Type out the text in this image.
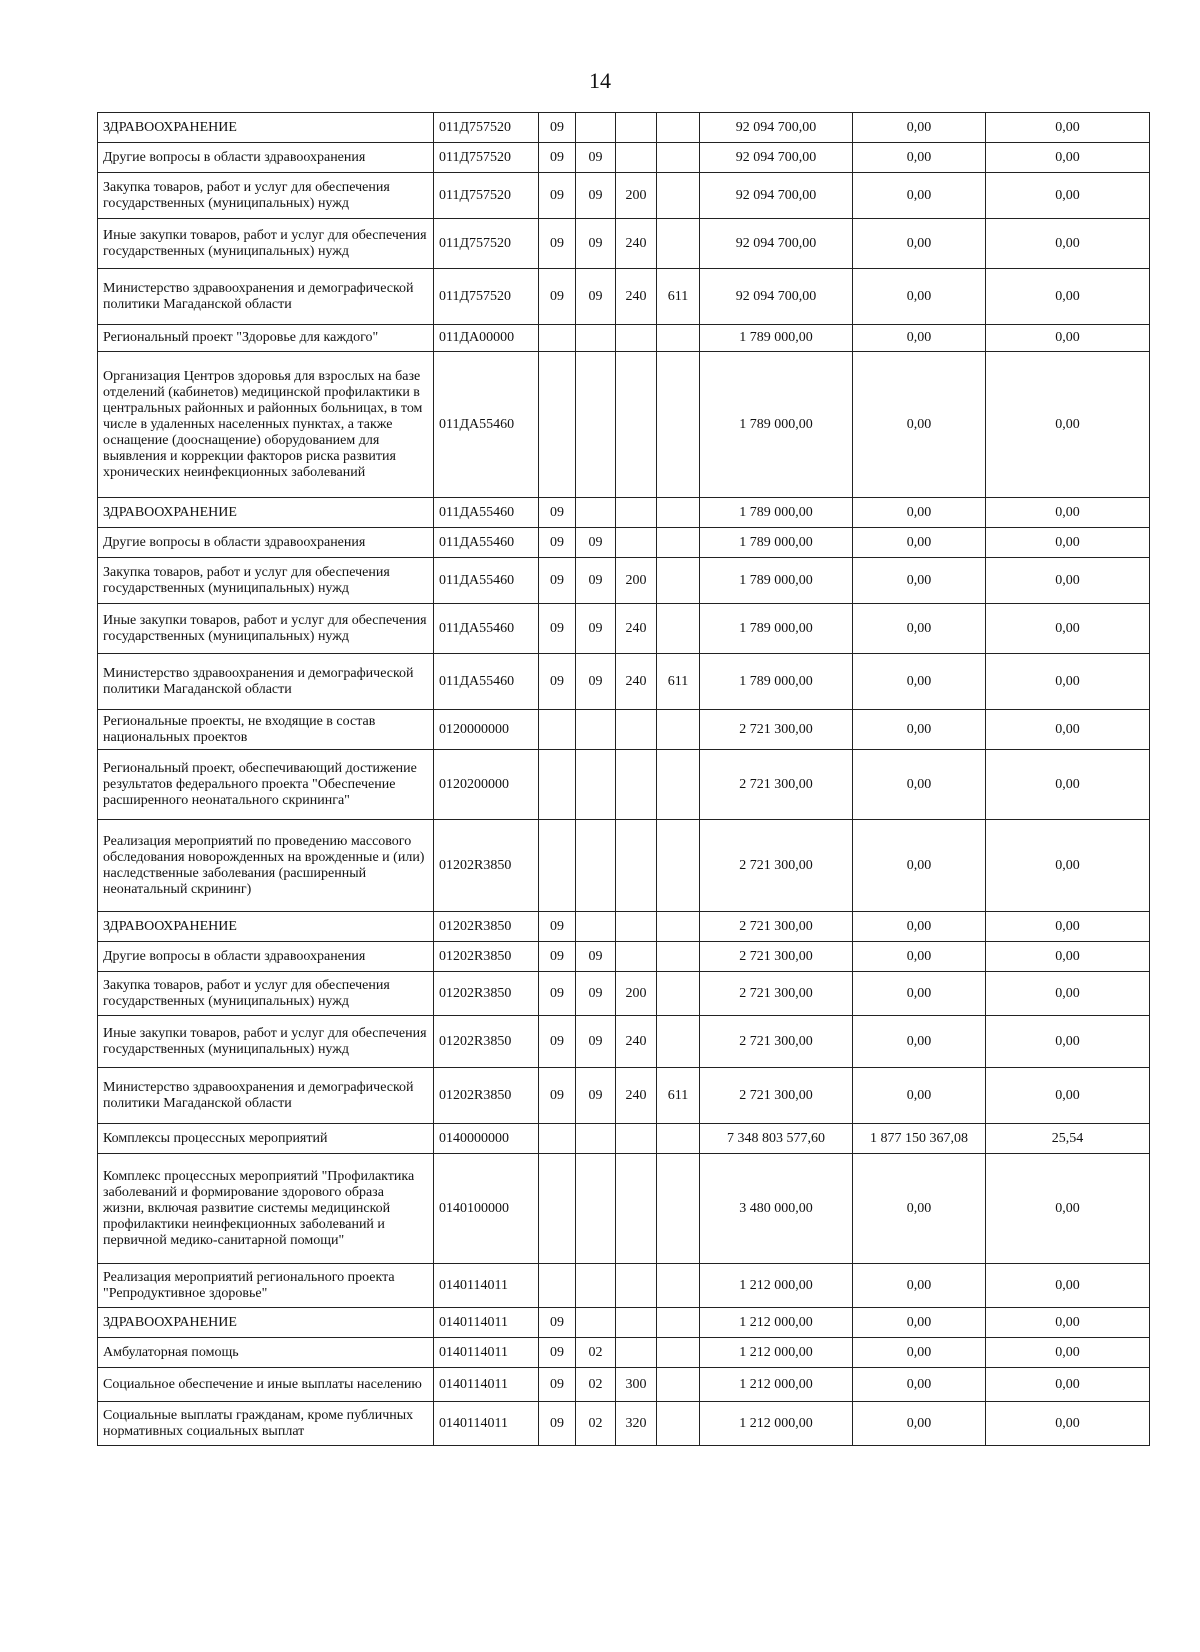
14
ЗДРАВООХРАНЕНИЕ	011Д757520	09				92 094 700,00	0,00	0,00
Другие вопросы в области здравоохранения	011Д757520	09	09			92 094 700,00	0,00	0,00
Закупка товаров, работ и услуг для обеспечения государственных (муниципальных) нужд	011Д757520	09	09	200		92 094 700,00	0,00	0,00
Иные закупки товаров, работ и услуг для обеспечения государственных (муниципальных) нужд	011Д757520	09	09	240		92 094 700,00	0,00	0,00
Министерство здравоохранения и демографической политики Магаданской области	011Д757520	09	09	240	611	92 094 700,00	0,00	0,00
Региональный проект "Здоровье для каждого"	011ДА00000					1 789 000,00	0,00	0,00
Организация Центров здоровья для взрослых на базе отделений (кабинетов) медицинской профилактики в центральных районных и районных больницах, в том числе в удаленных населенных пунктах, а также оснащение (дооснащение) оборудованием для выявления и коррекции факторов риска развития хронических неинфекционных заболеваний	011ДА55460					1 789 000,00	0,00	0,00
ЗДРАВООХРАНЕНИЕ	011ДА55460	09				1 789 000,00	0,00	0,00
Другие вопросы в области здравоохранения	011ДА55460	09	09			1 789 000,00	0,00	0,00
Закупка товаров, работ и услуг для обеспечения государственных (муниципальных) нужд	011ДА55460	09	09	200		1 789 000,00	0,00	0,00
Иные закупки товаров, работ и услуг для обеспечения государственных (муниципальных) нужд	011ДА55460	09	09	240		1 789 000,00	0,00	0,00
Министерство здравоохранения и демографической политики Магаданской области	011ДА55460	09	09	240	611	1 789 000,00	0,00	0,00
Региональные проекты, не входящие в состав национальных проектов	0120000000					2 721 300,00	0,00	0,00
Региональный проект, обеспечивающий достижение результатов федерального проекта "Обеспечение расширенного неонатального скрининга"	0120200000					2 721 300,00	0,00	0,00
Реализация мероприятий по проведению массового обследования новорожденных на врожденные и (или) наследственные заболевания (расширенный неонатальный скрининг)	01202R3850					2 721 300,00	0,00	0,00
ЗДРАВООХРАНЕНИЕ	01202R3850	09				2 721 300,00	0,00	0,00
Другие вопросы в области здравоохранения	01202R3850	09	09			2 721 300,00	0,00	0,00
Закупка товаров, работ и услуг для обеспечения государственных (муниципальных) нужд	01202R3850	09	09	200		2 721 300,00	0,00	0,00
Иные закупки товаров, работ и услуг для обеспечения государственных (муниципальных) нужд	01202R3850	09	09	240		2 721 300,00	0,00	0,00
Министерство здравоохранения и демографической политики Магаданской области	01202R3850	09	09	240	611	2 721 300,00	0,00	0,00
Комплексы процессных мероприятий	0140000000					7 348 803 577,60	1 877 150 367,08	25,54
Комплекс процессных мероприятий "Профилактика заболеваний и формирование здорового образа жизни, включая развитие системы медицинской профилактики неинфекционных заболеваний и первичной медико-санитарной помощи"	0140100000					3 480 000,00	0,00	0,00
Реализация мероприятий регионального проекта "Репродуктивное здоровье"	0140114011					1 212 000,00	0,00	0,00
ЗДРАВООХРАНЕНИЕ	0140114011	09				1 212 000,00	0,00	0,00
Амбулаторная помощь	0140114011	09	02			1 212 000,00	0,00	0,00
Социальное обеспечение и иные выплаты населению	0140114011	09	02	300		1 212 000,00	0,00	0,00
Социальные выплаты гражданам, кроме публичных нормативных социальных выплат	0140114011	09	02	320		1 212 000,00	0,00	0,00
